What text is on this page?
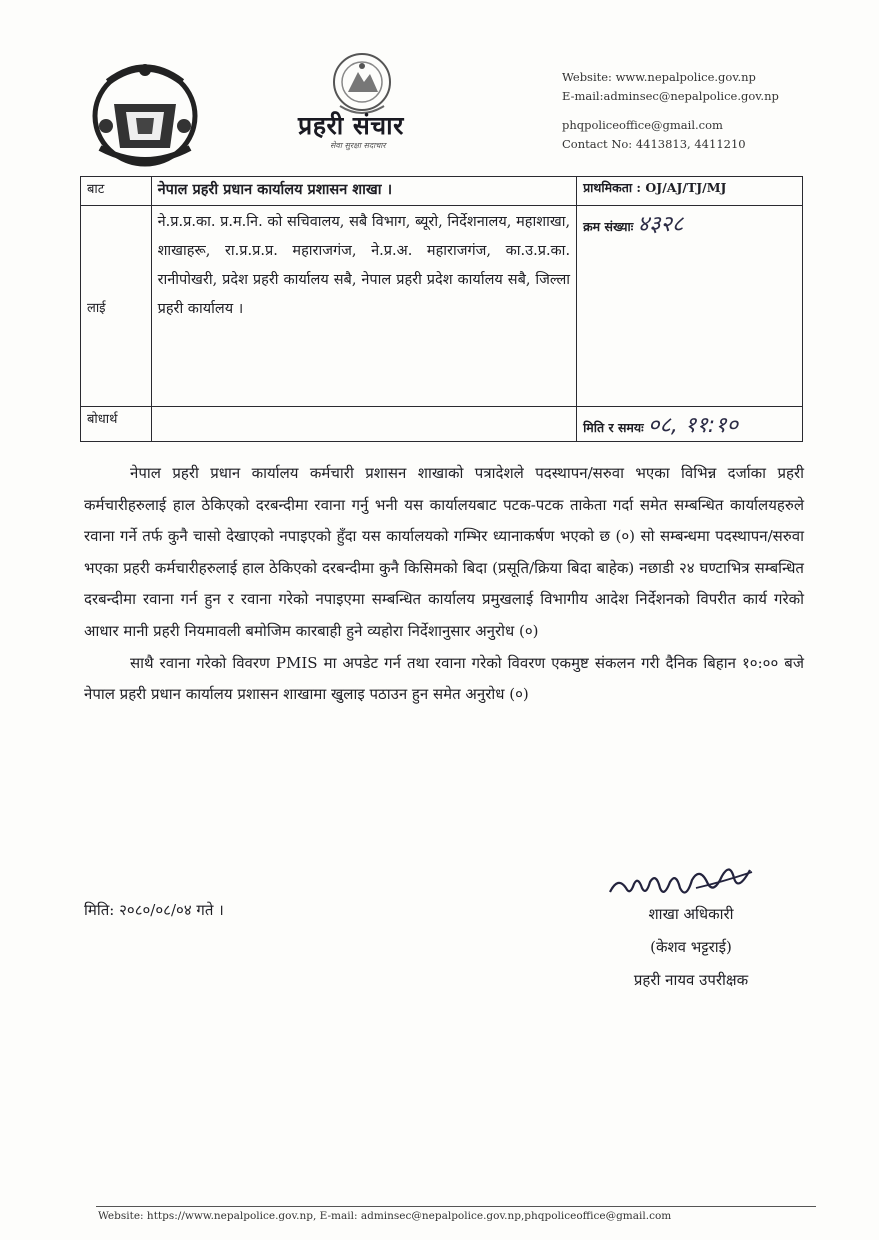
प्रहरी संचार
सेवा सुरक्षा सदाचार
Website: www.nepalpolice.gov.np
E-mail:adminsec@nepalpolice.gov.np
phqpoliceoffice@gmail.com
Contact No: 4413813, 4411210
बाट	नेपाल प्रहरी प्रधान कार्यालय प्रशासन शाखा ।	प्राथमिकता : OJ/AJ/TJ/MJ

लाई	ने.प्र.प्र.का. प्र.म.नि. को सचिवालय, सबै विभाग, ब्यूरो, निर्देशनालय, महाशाखा, शाखाहरू, रा.प्र.प्र.प्र. महाराजगंज, ने.प्र.अ. महाराजगंज, का.उ.प्र.का. रानीपोखरी, प्रदेश प्रहरी कार्यालय सबै, नेपाल प्रहरी प्रदेश कार्यालय सबै, जिल्ला प्रहरी कार्यालय ।	क्रम संख्याः ४३२८
बोधार्थ		मिति र समयः ०८, ११:१०

नेपाल प्रहरी प्रधान कार्यालय कर्मचारी प्रशासन शाखाको पत्रादेशले पदस्थापन/सरुवा भएका विभिन्न दर्जाका प्रहरी कर्मचारीहरुलाई हाल ठेकिएको दरबन्दीमा रवाना गर्नु भनी यस कार्यालयबाट पटक-पटक ताकेता गर्दा समेत सम्बन्धित कार्यालयहरुले रवाना गर्ने तर्फ कुनै चासो देखाएको नपाइएको हुँदा यस कार्यालयको गम्भिर ध्यानाकर्षण भएको छ (०) सो सम्बन्धमा पदस्थापन/सरुवा भएका प्रहरी कर्मचारीहरुलाई हाल ठेकिएको दरबन्दीमा कुनै किसिमको बिदा (प्रसूति/क्रिया बिदा बाहेक) नछाडी २४ घण्टाभित्र सम्बन्धित दरबन्दीमा रवाना गर्न हुन र रवाना गरेको नपाइएमा सम्बन्धित कार्यालय प्रमुखलाई विभागीय आदेश निर्देशनको विपरीत कार्य गरेको आधार मानी प्रहरी नियमावली बमोजिम कारबाही हुने व्यहोरा निर्देशानुसार अनुरोध (०)

साथै रवाना गरेको विवरण PMIS मा अपडेट गर्न तथा रवाना गरेको विवरण एकमुष्ट संकलन गरी दैनिक बिहान १०:०० बजे नेपाल प्रहरी प्रधान कार्यालय प्रशासन शाखामा खुलाइ पठाउन हुन समेत अनुरोध (०)

मिति: २०८०/०८/०४ गते ।	शाखा अधिकारी
(केशव भट्टराई)
प्रहरी नायव उपरीक्षक
Website: https://www.nepalpolice.gov.np, E-mail: adminsec@nepalpolice.gov.np,phqpoliceoffice@gmail.com
